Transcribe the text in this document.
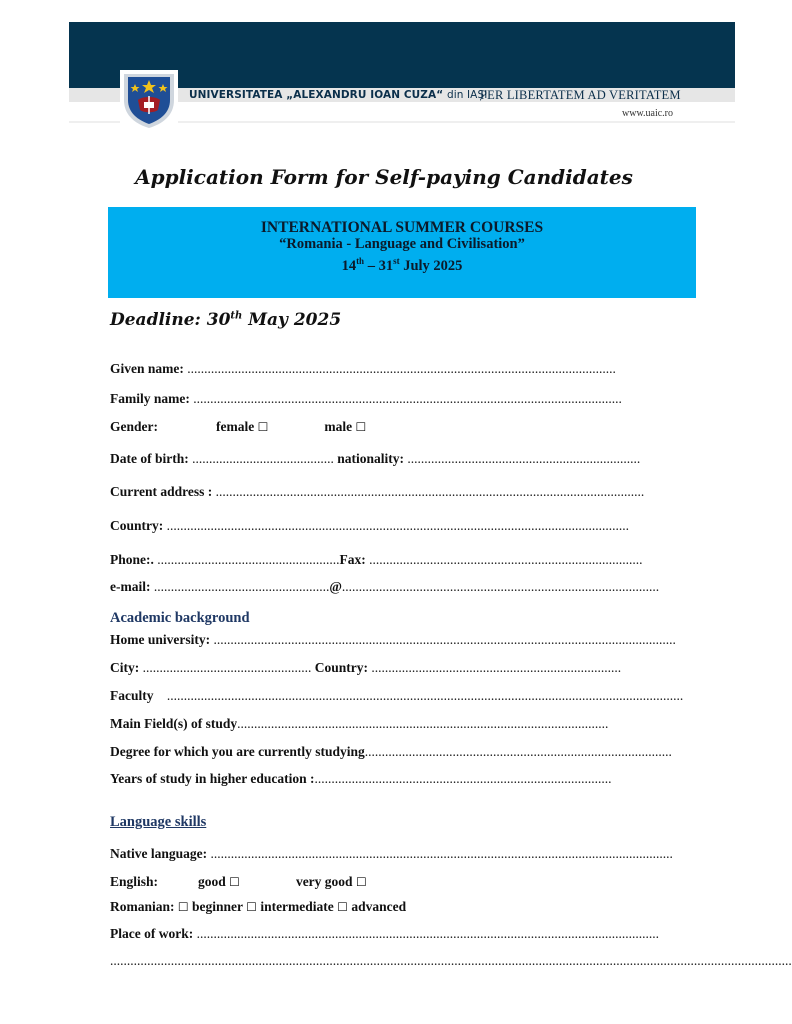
UNIVERSITATEA „ALEXANDRU IOAN CUZA“ din IAȘI
PER LIBERTATEM AD VERITATEM
www.uaic.ro
Application Form for Self-paying Candidates
INTERNATIONAL SUMMER COURSES
“Romania - Language and Civilisation”
14th – 31st July 2025
Deadline: 30th May 2025
Given name: ...............................................................................................................................
Family name: ...............................................................................................................................
Gender:	female ☐	male ☐
Date of birth: .......................................... nationality: .....................................................................
Current address : ...............................................................................................................................
Country: .........................................................................................................................................
Phone:. ......................................................Fax: .................................................................................
e-mail: ....................................................@..............................................................................................
Academic background
Home university: .........................................................................................................................................
City: .................................................. Country: ..........................................................................
Faculty .........................................................................................................................................................
Main Field(s) of study..............................................................................................................
Degree for which you are currently studying...........................................................................................
Years of study in higher education :........................................................................................
Language skills
Native language: .........................................................................................................................................
English:	good ☐	very good ☐
Romanian: ☐ beginner ☐ intermediate ☐ advanced
Place of work: .........................................................................................................................................
..........................................................................................................................................................................................................
